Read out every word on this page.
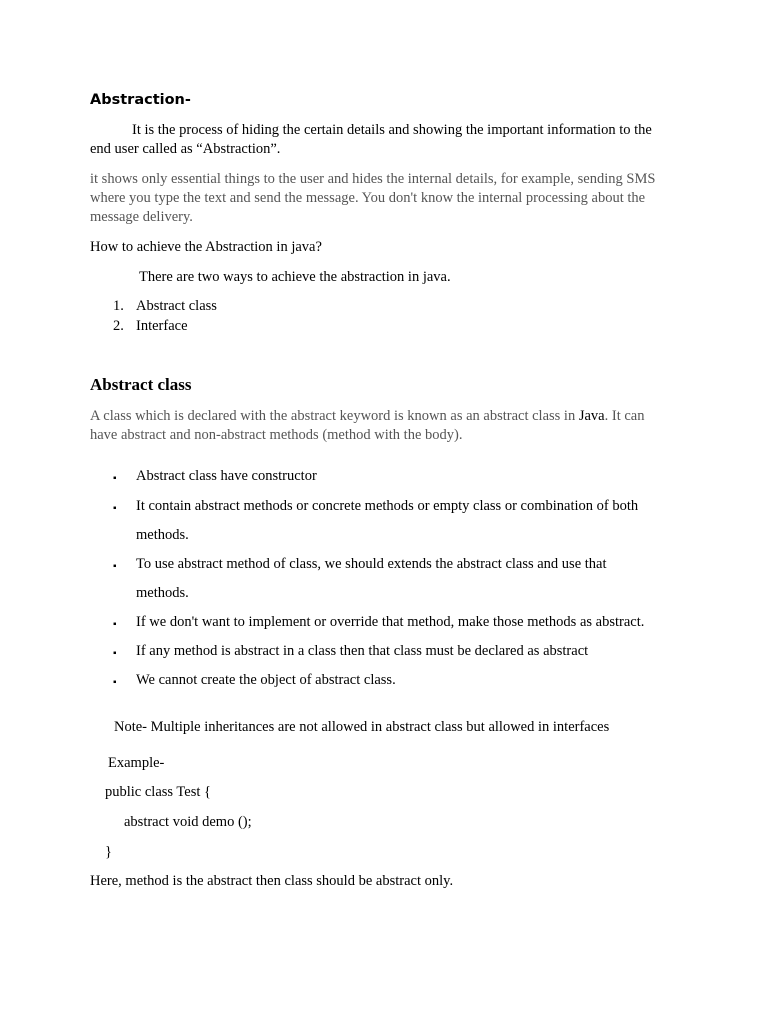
Abstraction-
It is the process of hiding the certain details and showing the important information to the
end user called as “Abstraction”.
it shows only essential things to the user and hides the internal details, for example, sending SMS
where you type the text and send the message. You don't know the internal processing about the
message delivery.
How to achieve the Abstraction in java?
There are two ways to achieve the abstraction in java.
1. Abstract class
2. Interface
Abstract class
A class which is declared with the abstract keyword is known as an abstract class in Java. It can
have abstract and non-abstract methods (method with the body).
▪ Abstract class have constructor
▪ It contain abstract methods or concrete methods or empty class or combination of both
methods.
▪ To use abstract method of class, we should extends the abstract class and use that
methods.
▪ If we don't want to implement or override that method, make those methods as abstract.
▪ If any method is abstract in a class then that class must be declared as abstract
▪ We cannot create the object of abstract class.
Note- Multiple inheritances are not allowed in abstract class but allowed in interfaces
Example-
public class Test {
abstract void demo ();
}
Here, method is the abstract then class should be abstract only.
